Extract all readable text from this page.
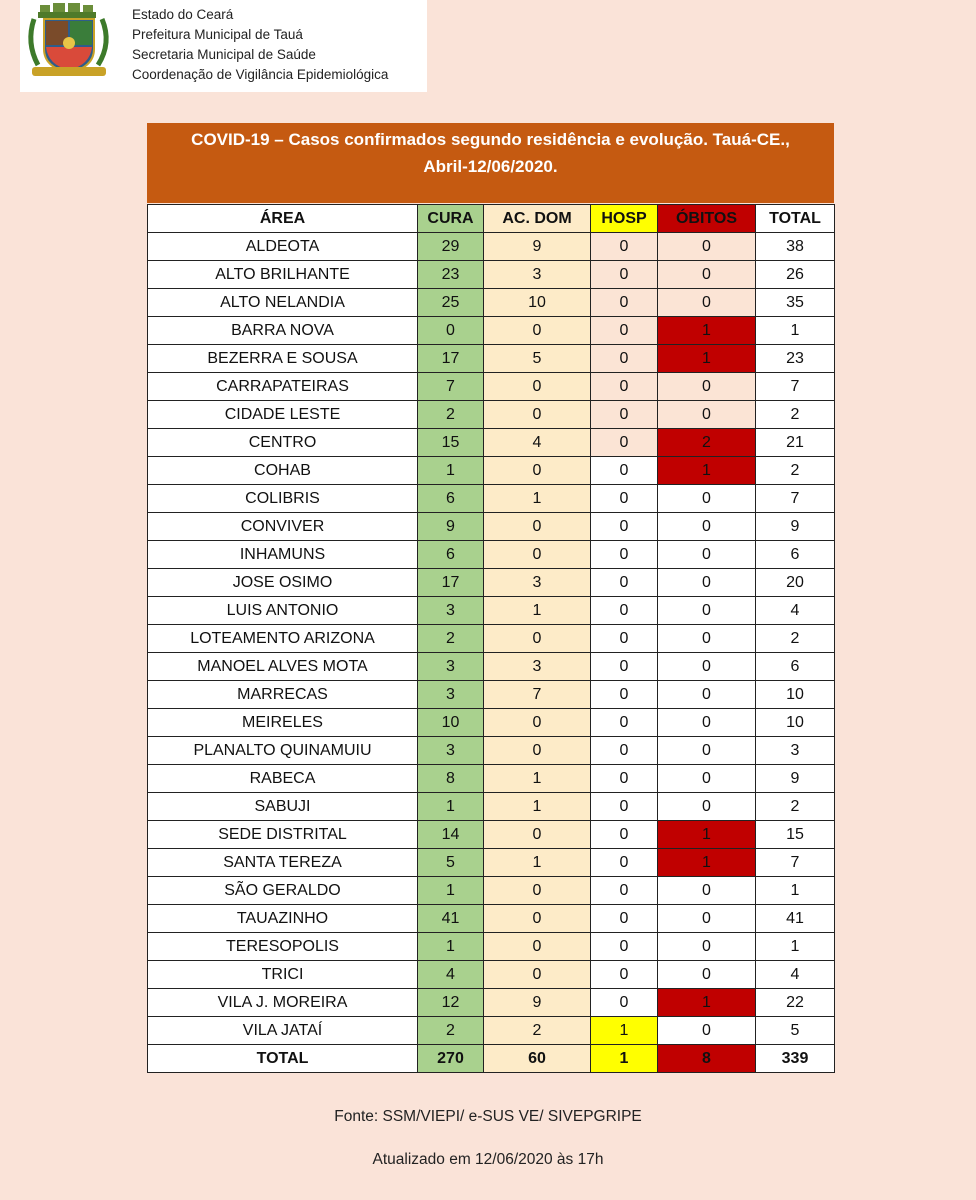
Estado do Ceará
Prefeitura Municipal de Tauá
Secretaria Municipal de Saúde
Coordenação de Vigilância Epidemiológica
COVID-19 – Casos confirmados segundo residência e evolução. Tauá-CE.,
Abril-12/06/2020.
ÁREA	CURA	AC. DOM	HOSP	ÓBITOS	TOTAL
ALDEOTA	29	9	0	0	38
ALTO BRILHANTE	23	3	0	0	26
ALTO NELANDIA	25	10	0	0	35
BARRA NOVA	0	0	0	1	1
BEZERRA E SOUSA	17	5	0	1	23
CARRAPATEIRAS	7	0	0	0	7
CIDADE LESTE	2	0	0	0	2
CENTRO	15	4	0	2	21
COHAB	1	0	0	1	2
COLIBRIS	6	1	0	0	7
CONVIVER	9	0	0	0	9
INHAMUNS	6	0	0	0	6
JOSE OSIMO	17	3	0	0	20
LUIS ANTONIO	3	1	0	0	4
LOTEAMENTO ARIZONA	2	0	0	0	2
MANOEL ALVES MOTA	3	3	0	0	6
MARRECAS	3	7	0	0	10
MEIRELES	10	0	0	0	10
PLANALTO QUINAMUIU	3	0	0	0	3
RABECA	8	1	0	0	9
SABUJI	1	1	0	0	2
SEDE DISTRITAL	14	0	0	1	15
SANTA TEREZA	5	1	0	1	7
SÃO GERALDO	1	0	0	0	1
TAUAZINHO	41	0	0	0	41
TERESOPOLIS	1	0	0	0	1
TRICI	4	0	0	0	4
VILA J. MOREIRA	12	9	0	1	22
VILA JATAÍ	2	2	1	0	5
TOTAL	270	60	1	8	339
Fonte: SSM/VIEPI/ e-SUS VE/ SIVEPGRIPE
Atualizado em 12/06/2020 às 17h
